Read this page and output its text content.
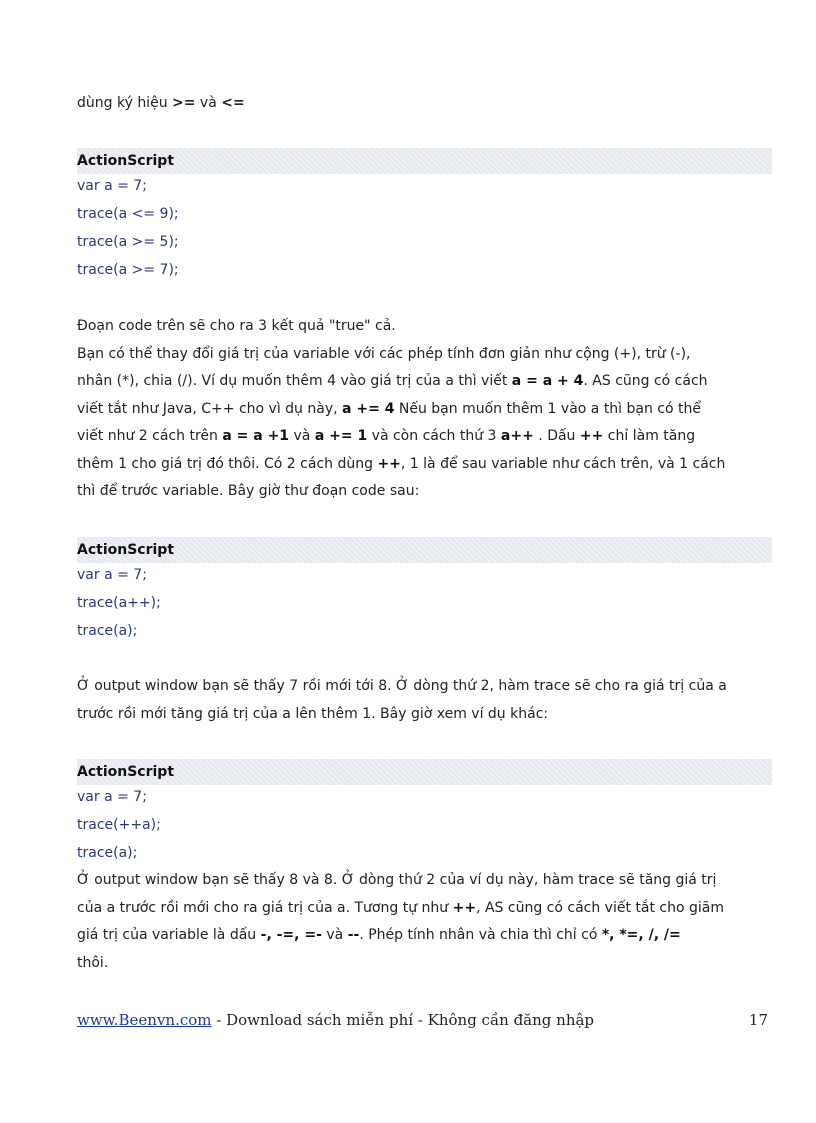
dùng ký hiệu >= và <=
ActionScript
var a = 7;
trace(a <= 9);
trace(a >= 5);
trace(a >= 7);
Đoạn code trên sẽ cho ra 3 kết quả "true" cả.
Bạn có thể thay đổi giá trị của variable với các phép tính đơn giản như cộng (+), trừ (-),
nhân (*), chia (/). Ví dụ muốn thêm 4 vào giá trị của a thì viết a = a + 4. AS cũng có cách
viết tắt như Java, C++ cho vì dụ này, a += 4 Nếu bạn muốn thêm 1 vào a thì bạn có thể
viết như 2 cách trên a = a +1 và a += 1 và còn cách thứ 3 a++ . Dấu ++ chỉ làm tăng
thêm 1 cho giá trị đó thôi. Có 2 cách dùng ++, 1 là để sau variable như cách trên, và 1 cách
thì để trước variable. Bây giờ thư đoạn code sau:
ActionScript
var a = 7;
trace(a++);
trace(a);
Ở output window bạn sẽ thấy 7 rồi mới tới 8. Ở dòng thứ 2, hàm trace sẽ cho ra giá trị của a
trước rồi mới tăng giá trị của a lên thêm 1. Bây giờ xem ví dụ khác:
ActionScript
var a = 7;
trace(++a);
trace(a);
Ở output window bạn sẽ thấy 8 và 8. Ở dòng thứ 2 của ví dụ này, hàm trace sẽ tăng giá trị
của a trước rồi mới cho ra giá trị của a. Tương tự như ++, AS cũng có cách viết tắt cho giãm
giá trị của variable là dấu -, -=, =- và --. Phép tính nhân và chia thì chỉ có *, *=, /, /=
thôi.
www.Beenvn.com - Download sách miễn phí - Không cần đăng nhập	17
